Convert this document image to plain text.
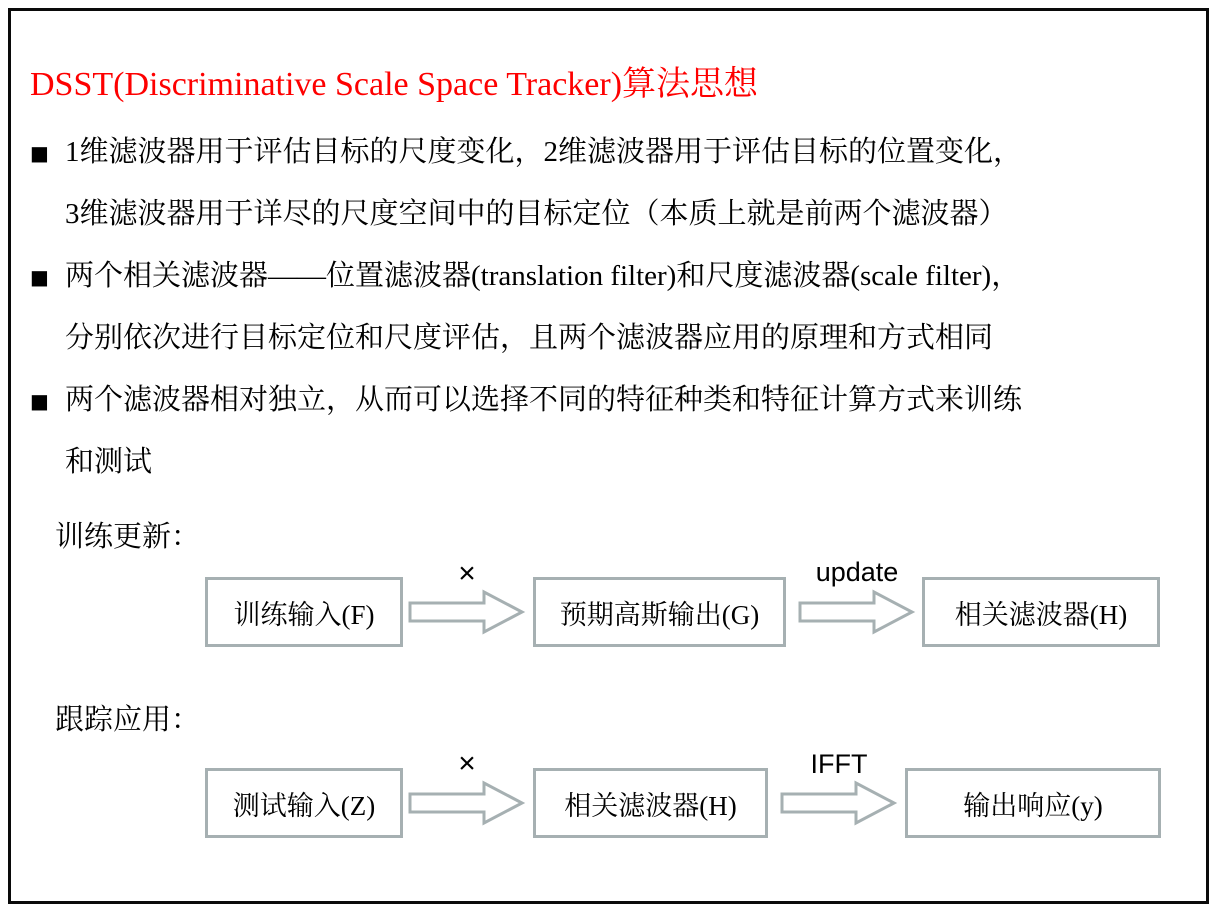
DSST(Discriminative Scale Space Tracker)算法思想
■ 1维滤波器用于评估目标的尺度变化，2维滤波器用于评估目标的位置变化，
3维滤波器用于详尽的尺度空间中的目标定位（本质上就是前两个滤波器）
■ 两个相关滤波器——位置滤波器(translation filter)和尺度滤波器(scale filter)，
分别依次进行目标定位和尺度评估，且两个滤波器应用的原理和方式相同
■ 两个滤波器相对独立，从而可以选择不同的特征种类和特征计算方式来训练
和测试
训练更新：
训练输入(F)
×
预期高斯输出(G)
update
相关滤波器(H)
跟踪应用：
测试输入(Z)
×
相关滤波器(H)
IFFT
输出响应(y)
